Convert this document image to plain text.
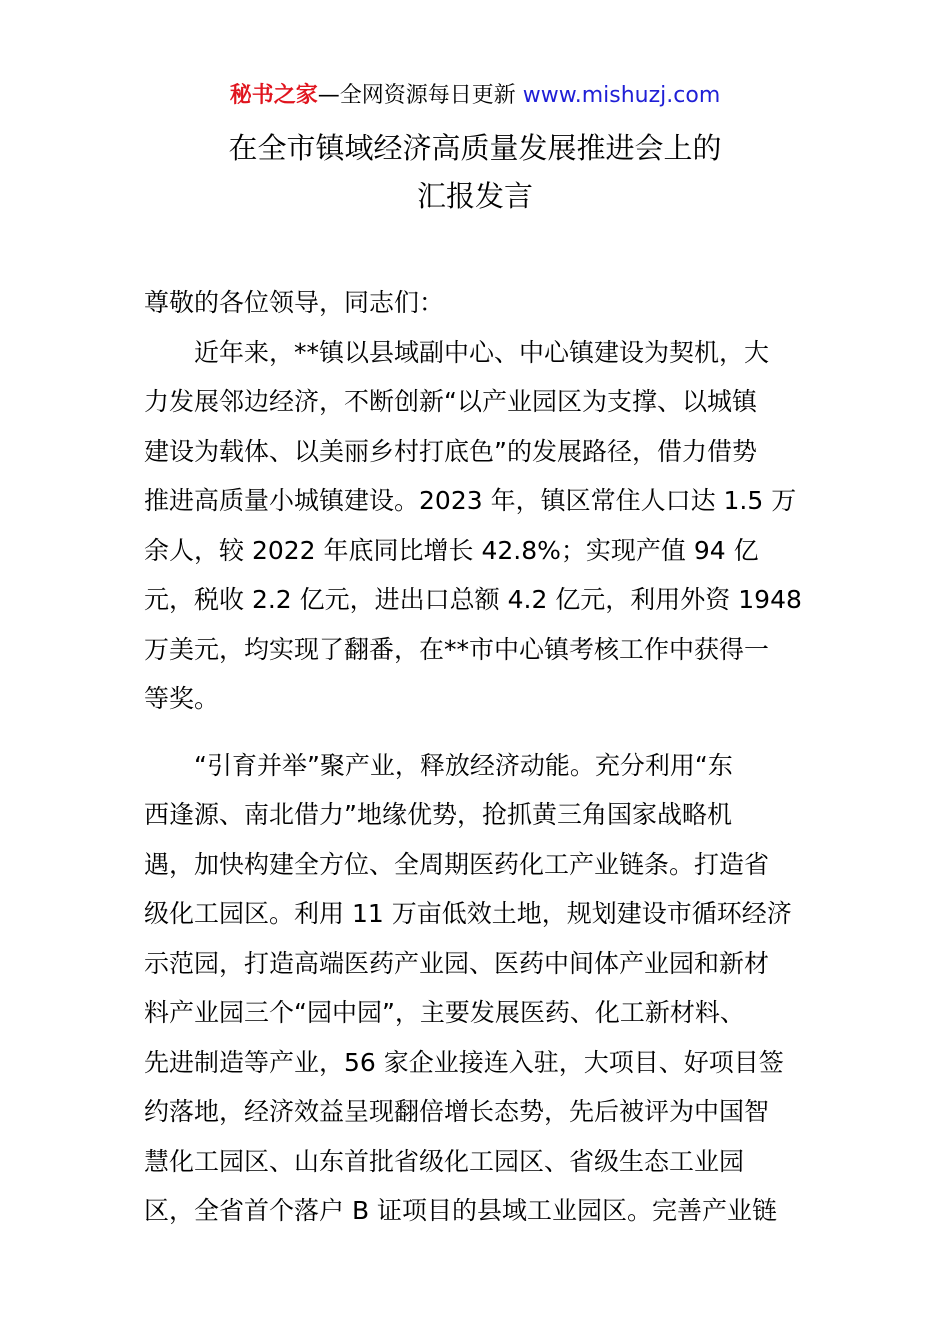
秘书之家—全网资源每日更新 www.mishuzj.com
在全市镇域经济高质量发展推进会上的
汇报发言
尊敬的各位领导，同志们：
近年来，**镇以县域副中心、中心镇建设为契机，大
力发展邻边经济，不断创新“以产业园区为支撑、以城镇
建设为载体、以美丽乡村打底色”的发展路径，借力借势
推进高质量小城镇建设。2023 年，镇区常住人口达 1.5 万
余人，较 2022 年底同比增长 42.8%；实现产值 94 亿
元，税收 2.2 亿元，进出口总额 4.2 亿元，利用外资 1948
万美元，均实现了翻番，在**市中心镇考核工作中获得一
等奖。
“引育并举”聚产业，释放经济动能。充分利用“东
西逢源、南北借力”地缘优势，抢抓黄三角国家战略机
遇，加快构建全方位、全周期医药化工产业链条。打造省
级化工园区。利用 11 万亩低效土地，规划建设市循环经济
示范园，打造高端医药产业园、医药中间体产业园和新材
料产业园三个“园中园”，主要发展医药、化工新材料、
先进制造等产业，56 家企业接连入驻，大项目、好项目签
约落地，经济效益呈现翻倍增长态势，先后被评为中国智
慧化工园区、山东首批省级化工园区、省级生态工业园
区，全省首个落户 B 证项目的县域工业园区。完善产业链
